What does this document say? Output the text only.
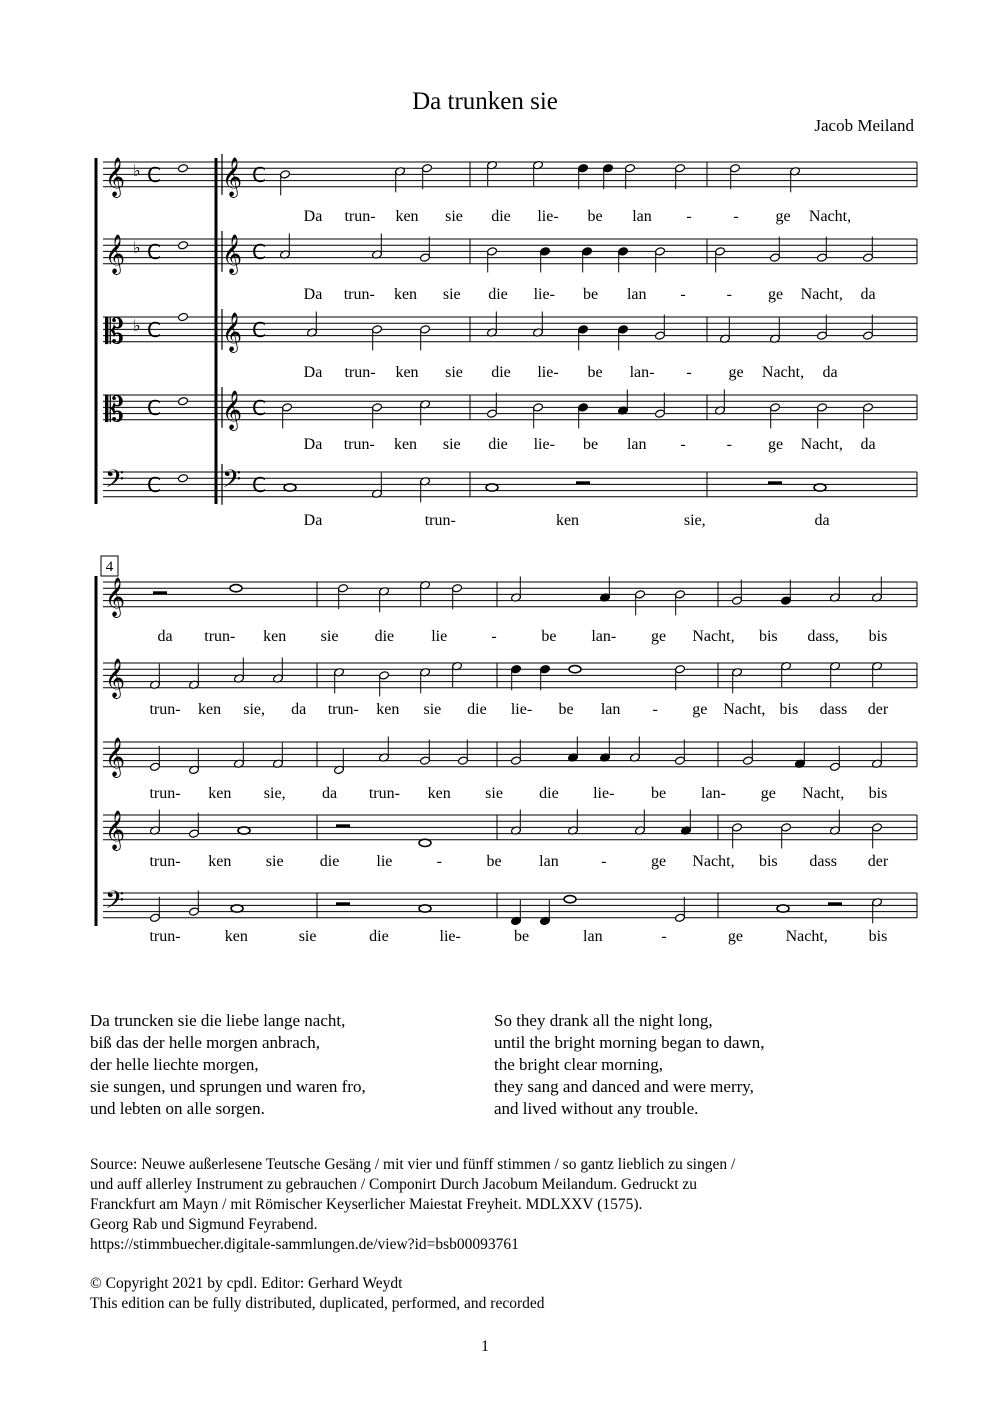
Da trunken sie
Jacob Meiland
𝄞 ♭ C 𝄞 C
𝄞 ♭ C 𝄞 C
𝄡 ♭ C 𝄞 C
𝄡 C 𝄞 C
𝄢 C 𝄢 C
Da trun- ken sie die lie- be lan -	- ge Nacht,
Da trun- ken sie die lie- be lan -	- ge Nacht, da
Da trun- ken sie die lie- be lan- - ge Nacht, da
Da trun- ken sie die lie- be lan -	- ge Nacht, da
Da	trun-	ken	sie,	da
𝄞
𝄞
𝄞
𝄞
𝄢
4
da trun- ken sie die lie	-	be lan- ge Nacht, bis dass, bis
trun- ken sie, da trun- ken sie die lie- be lan - ge Nacht, bis dass der
trun- ken sie, da trun- ken sie die lie- be lan- ge Nacht, bis
trun- ken sie die lie	-	be lan	-	ge Nacht, bis dass der
trun-	ken	sie	die	lie-	be	lan	-	ge	Nacht,	bis
Da truncken sie die liebe lange nacht,
biß das der helle morgen anbrach,
der helle liechte morgen,
sie sungen, und sprungen und waren fro,
und lebten on alle sorgen.
So they drank all the night long,
until the bright morning began to dawn,
the bright clear morning,
they sang and danced and were merry,
and lived without any trouble.
Source: Neuwe außerlesene Teutsche Gesäng / mit vier und fünff stimmen / so gantz lieblich zu singen /
und auff allerley Instrument zu gebrauchen / Componirt Durch Jacobum Meilandum. Gedruckt zu
Franckfurt am Mayn / mit Römischer Keyserlicher Maiestat Freyheit. MDLXXV (1575).
Georg Rab und Sigmund Feyrabend.
https://stimmbuecher.digitale-sammlungen.de/view?id=bsb00093761
© Copyright 2021 by cpdl. Editor: Gerhard Weydt
This edition can be fully distributed, duplicated, performed, and recorded
1
